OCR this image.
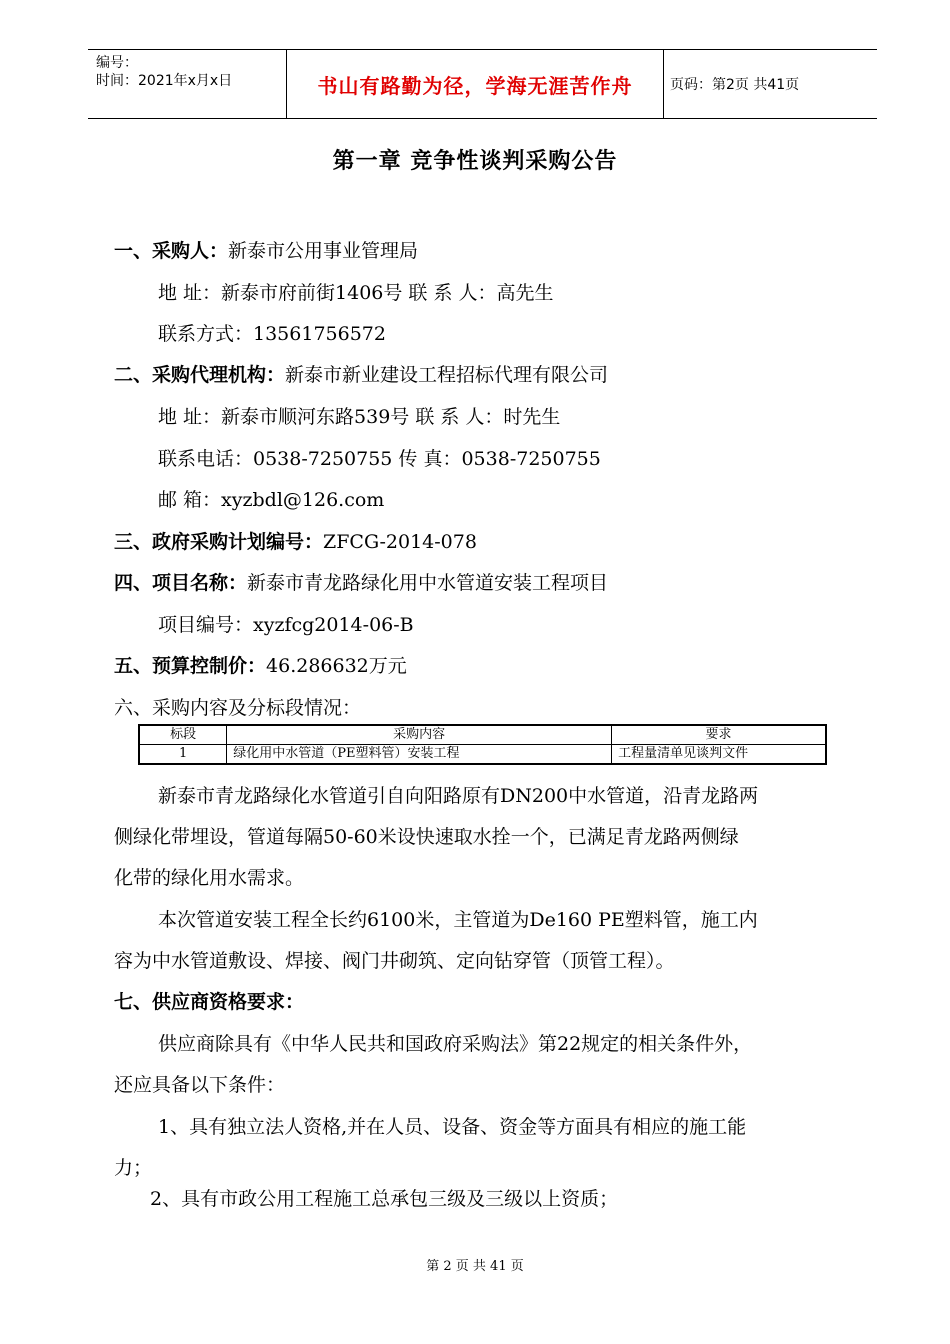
编号：
时间：2021年x月x日	书山有路勤为径，学海无涯苦作舟	页码：第2页 共41页
第一章 竞争性谈判采购公告
一、采购人：新泰市公用事业管理局
地 址：新泰市府前街1406号 联 系 人：高先生
联系方式：13561756572
二、采购代理机构：新泰市新业建设工程招标代理有限公司
地 址：新泰市顺河东路539号 联 系 人：时先生
联系电话：0538-7250755 传 真：0538-7250755
邮 箱：xyzbdl@126.com
三、政府采购计划编号：ZFCG-2014-078
四、项目名称：新泰市青龙路绿化用中水管道安装工程项目
项目编号：xyzfcg2014-06-B
五、预算控制价：46.286632万元
六、采购内容及分标段情况：
标段	采购内容	要求
1	绿化用中水管道（PE塑料管）安装工程	工程量清单见谈判文件
新泰市青龙路绿化水管道引自向阳路原有DN200中水管道，沿青龙路两
侧绿化带埋设，管道每隔50-60米设快速取水拴一个，已满足青龙路两侧绿
化带的绿化用水需求。
本次管道安装工程全长约6100米，主管道为De160 PE塑料管，施工内
容为中水管道敷设、焊接、阀门井砌筑、定向钻穿管（顶管工程）。
七、供应商资格要求：
供应商除具有《中华人民共和国政府采购法》第22规定的相关条件外，
还应具备以下条件：
1、具有独立法人资格,并在人员、设备、资金等方面具有相应的施工能
力；
2、具有市政公用工程施工总承包三级及三级以上资质；
第 2 页 共 41 页
